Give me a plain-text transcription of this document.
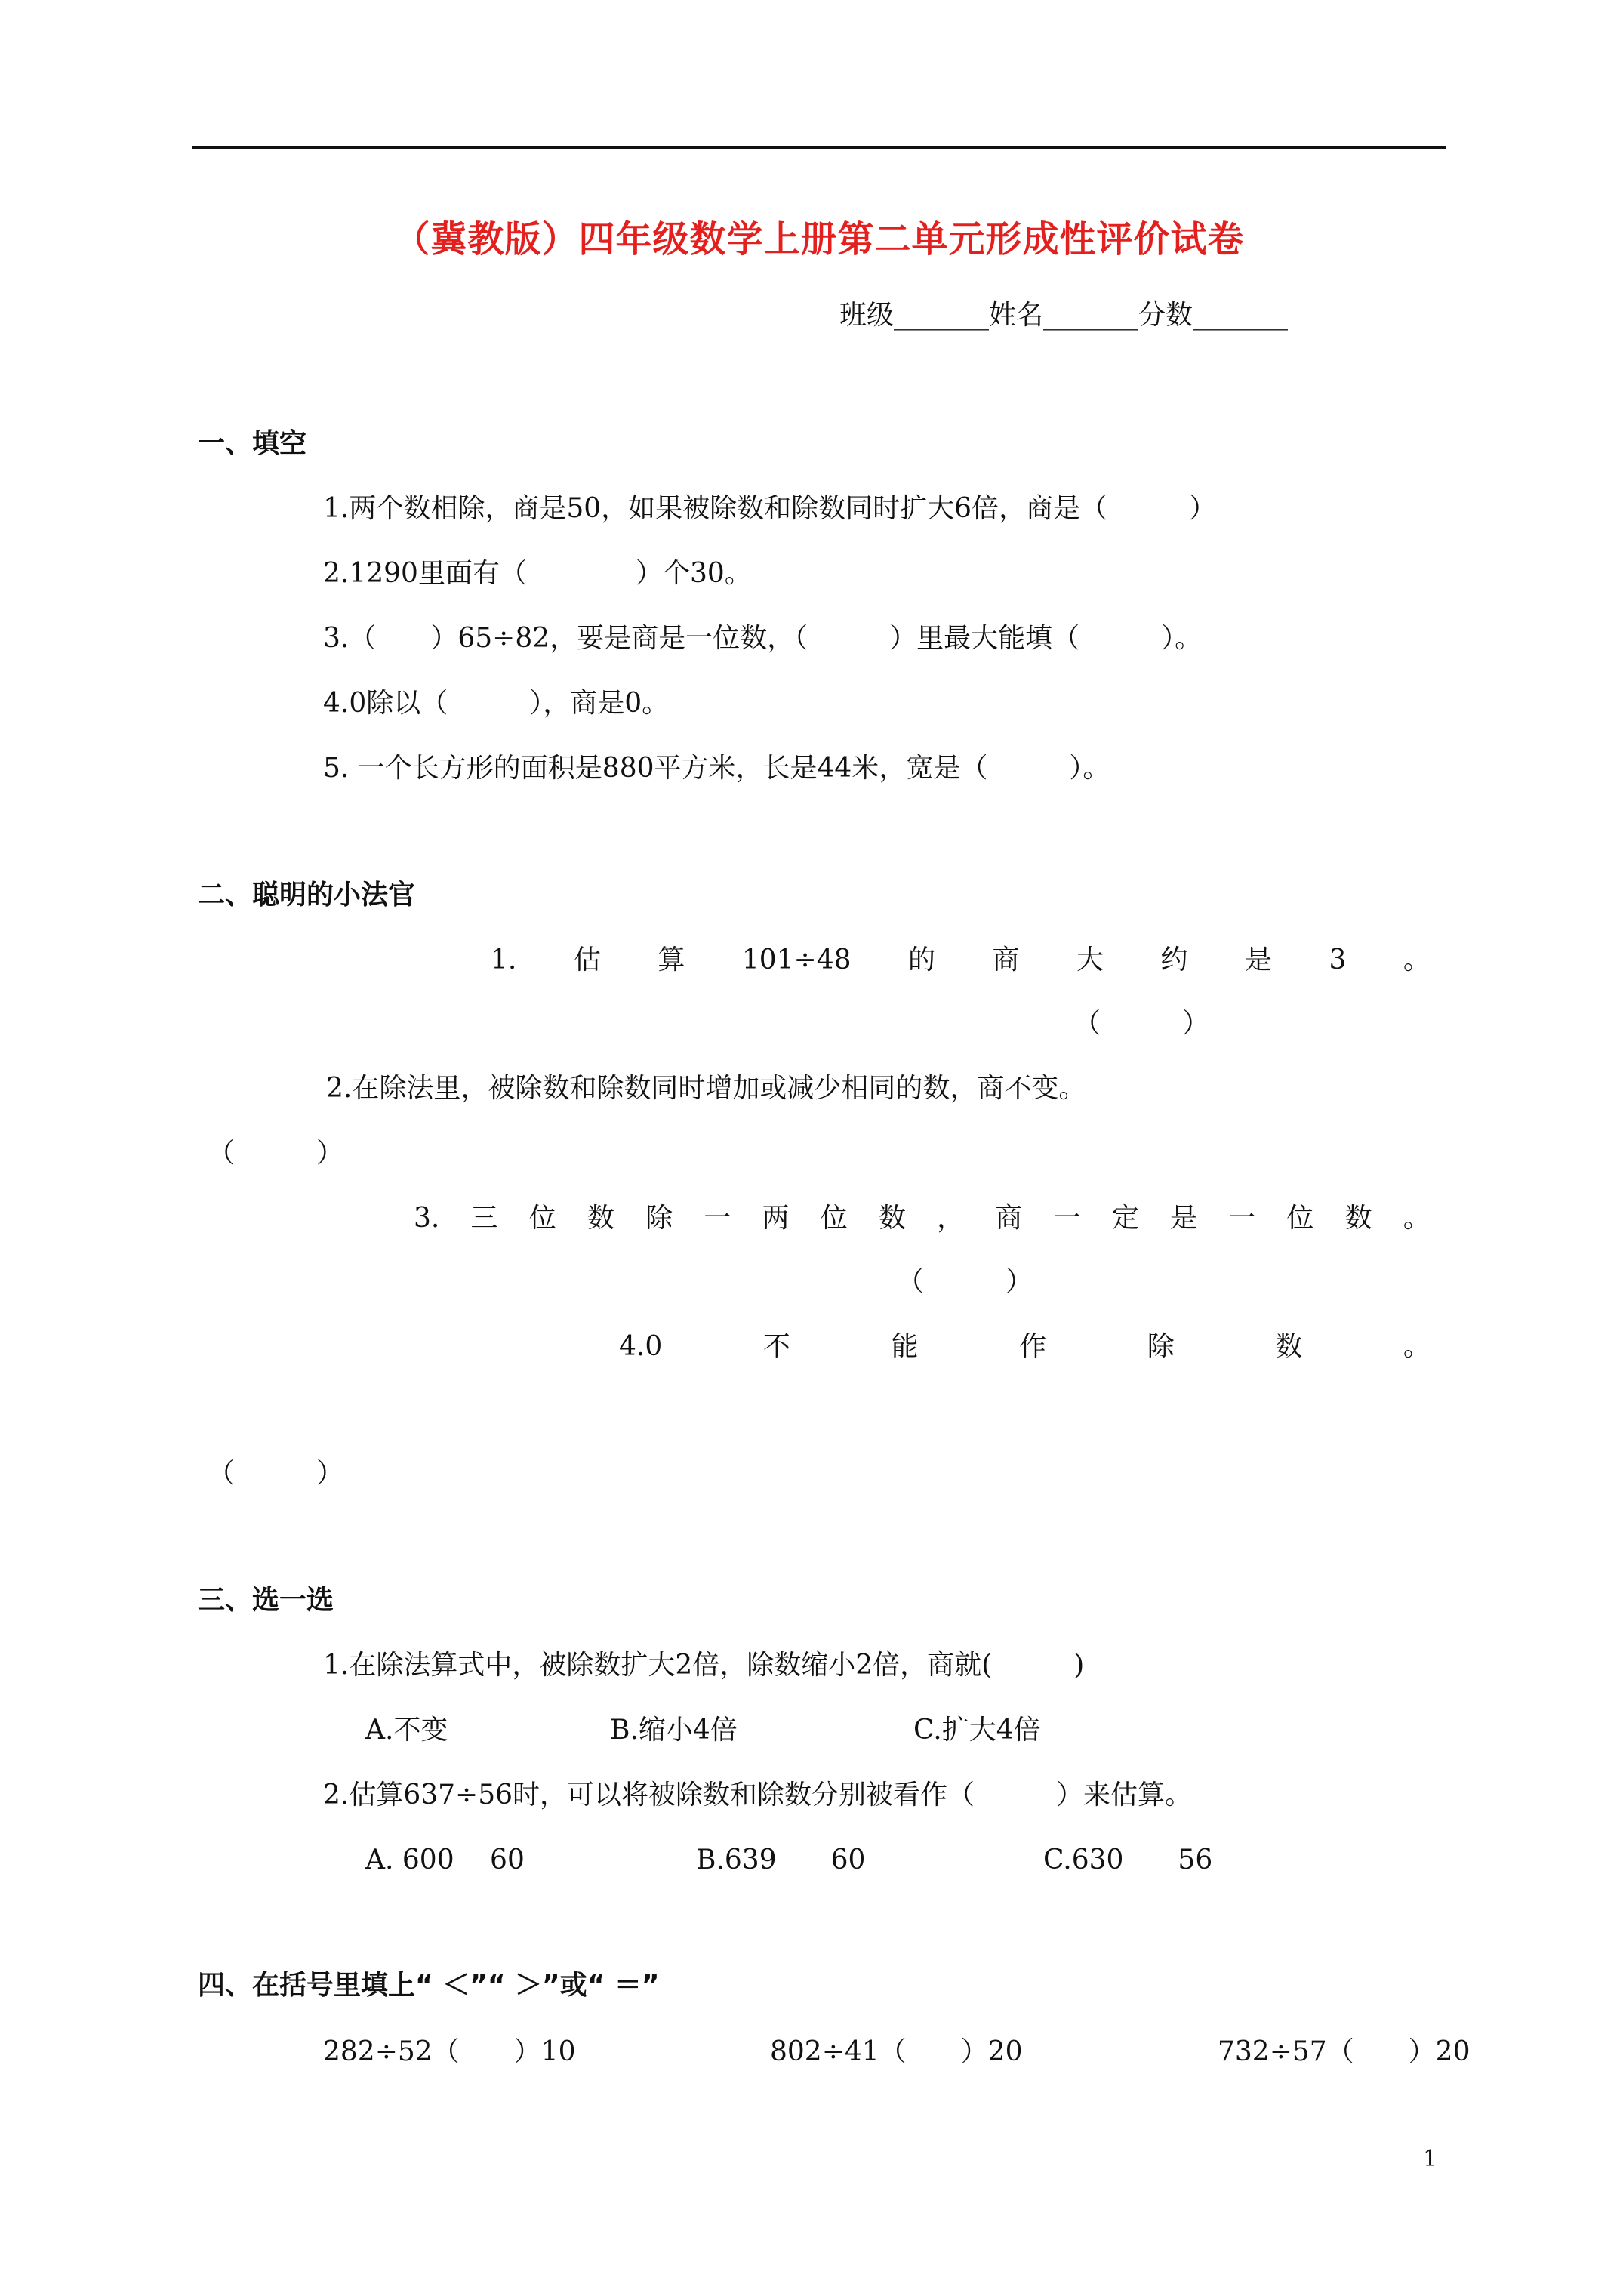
（冀教版）四年级数学上册第二单元形成性评价试卷
班级_______姓名_______分数_______
一、填空
1.两个数相除，商是50，如果被除数和除数同时扩大6倍，商是（　　　）
2.1290里面有（　　　　）个30。
3.（　　）65÷82，要是商是一位数，（　　　）里最大能填（　　　）。
4.0除以（　　　），商是0。
5. 一个长方形的面积是880平方米，长是44米，宽是（　　　）。
二、聪明的小法官
1. 估 算 101÷48 的 商 大 约 是 3 。
（　　　）
2.在除法里，被除数和除数同时增加或减少相同的数，商不变。
（　　　）
3. 三 位 数 除 一 两 位 数 ， 商 一 定 是 一 位 数 。
（　　　）
4.0	不	能	作	除	数	。
（　　　）
三、选一选
1.在除法算式中，被除数扩大2倍，除数缩小2倍，商就(　　　)
A.不变	B.缩小4倍	C.扩大4倍
2.估算637÷56时，可以将被除数和除数分别被看作（　　　）来估算。
A. 600　 60	B.639　　60	C.630　　56
四、在括号里填上“ ＜”“ ＞”或“ ＝”
282÷52（　　）10	802÷41（　　）20	732÷57（　　）20
1
